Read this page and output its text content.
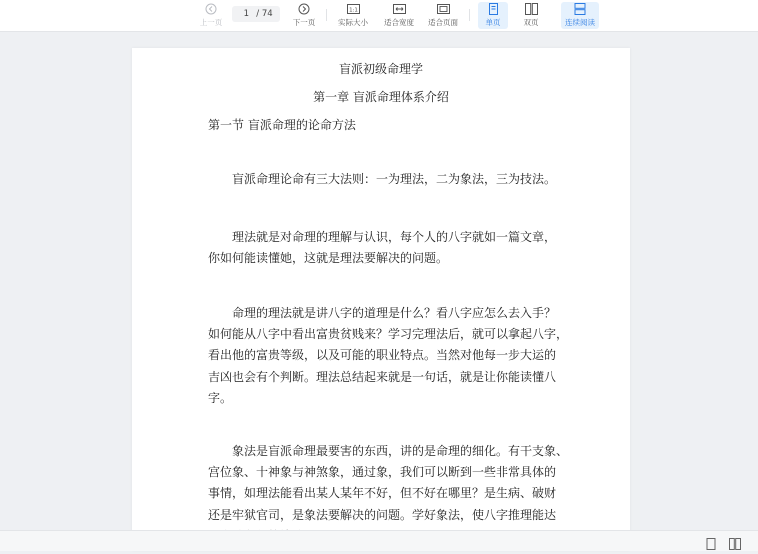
上一页
1 / 74
下一页
1:1
实际大小 适合宽度 适合页面	单页	双页	连续阅读
盲派初级命理学
第一章 盲派命理体系介绍
第一节 盲派命理的论命方法
盲派命理论命有三大法则：一为理法，二为象法，三为技法。
理法就是对命理的理解与认识，每个人的八字就如一篇文章，
你如何能读懂她，这就是理法要解决的问题。
命理的理法就是讲八字的道理是什么？看八字应怎么去入手？
如何能从八字中看出富贵贫贱来？学习完理法后，就可以拿起八字，
看出他的富贵等级，以及可能的职业特点。当然对他每一步大运的
吉凶也会有个判断。理法总结起来就是一句话，就是让你能读懂八
字。
象法是盲派命理最要害的东西，讲的是命理的细化。有干支象、
宫位象、十神象与神煞象，通过象，我们可以断到一些非常具体的
事情，如理法能看出某人某年不好，但不好在哪里？是生病、破财
还是牢狱官司，是象法要解决的问题。学好象法，使八字推理能达
